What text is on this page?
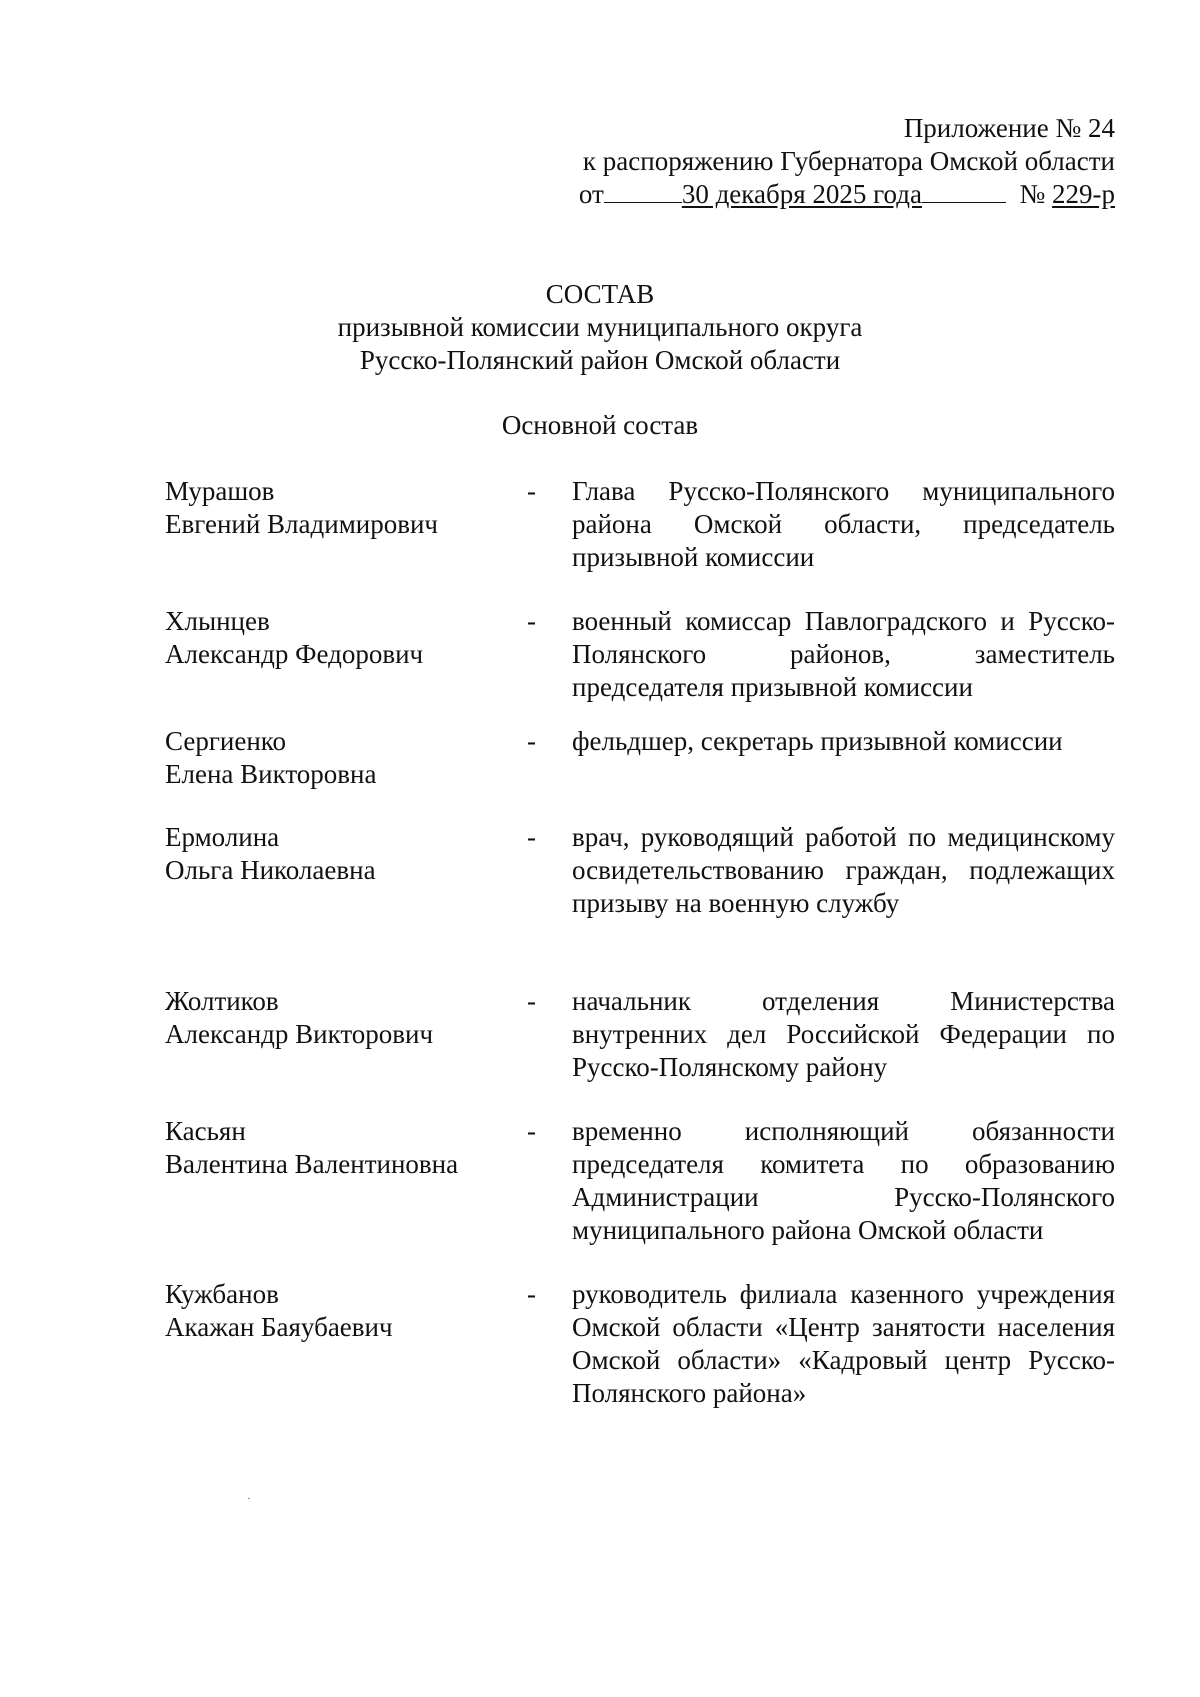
Приложение № 24
к распоряжению Губернатора Омской области
от	30 декабря 2025 года	№ 229-р
СОСТАВ
призывной комиссии муниципального округа
Русско-Полянский район Омской области
Основной состав
Мурашов
Евгений Владимирович
- Глава Русско-Полянского муниципального района Омской области, председатель призывной комиссии
Хлынцев
Александр Федорович
- военный комиссар Павлоградского и Русско-Полянского районов, заместитель председателя призывной комиссии
Сергиенко
Елена Викторовна
- фельдшер, секретарь призывной комиссии
Ермолина
Ольга Николаевна
- врач, руководящий работой по медицинскому освидетельствованию граждан, подлежащих призыву на военную службу
Жолтиков
Александр Викторович
- начальник отделения Министерства внутренних дел Российской Федерации по Русско-Полянскому району
Касьян
Валентина Валентиновна
- временно исполняющий обязанности председателя комитета по образованию Администрации Русско-Полянского муниципального района Омской области
Кужбанов
Акажан Баяубаевич
- руководитель филиала казенного учреждения Омской области «Центр занятости населения Омской области» «Кадровый центр Русско-Полянского района»
